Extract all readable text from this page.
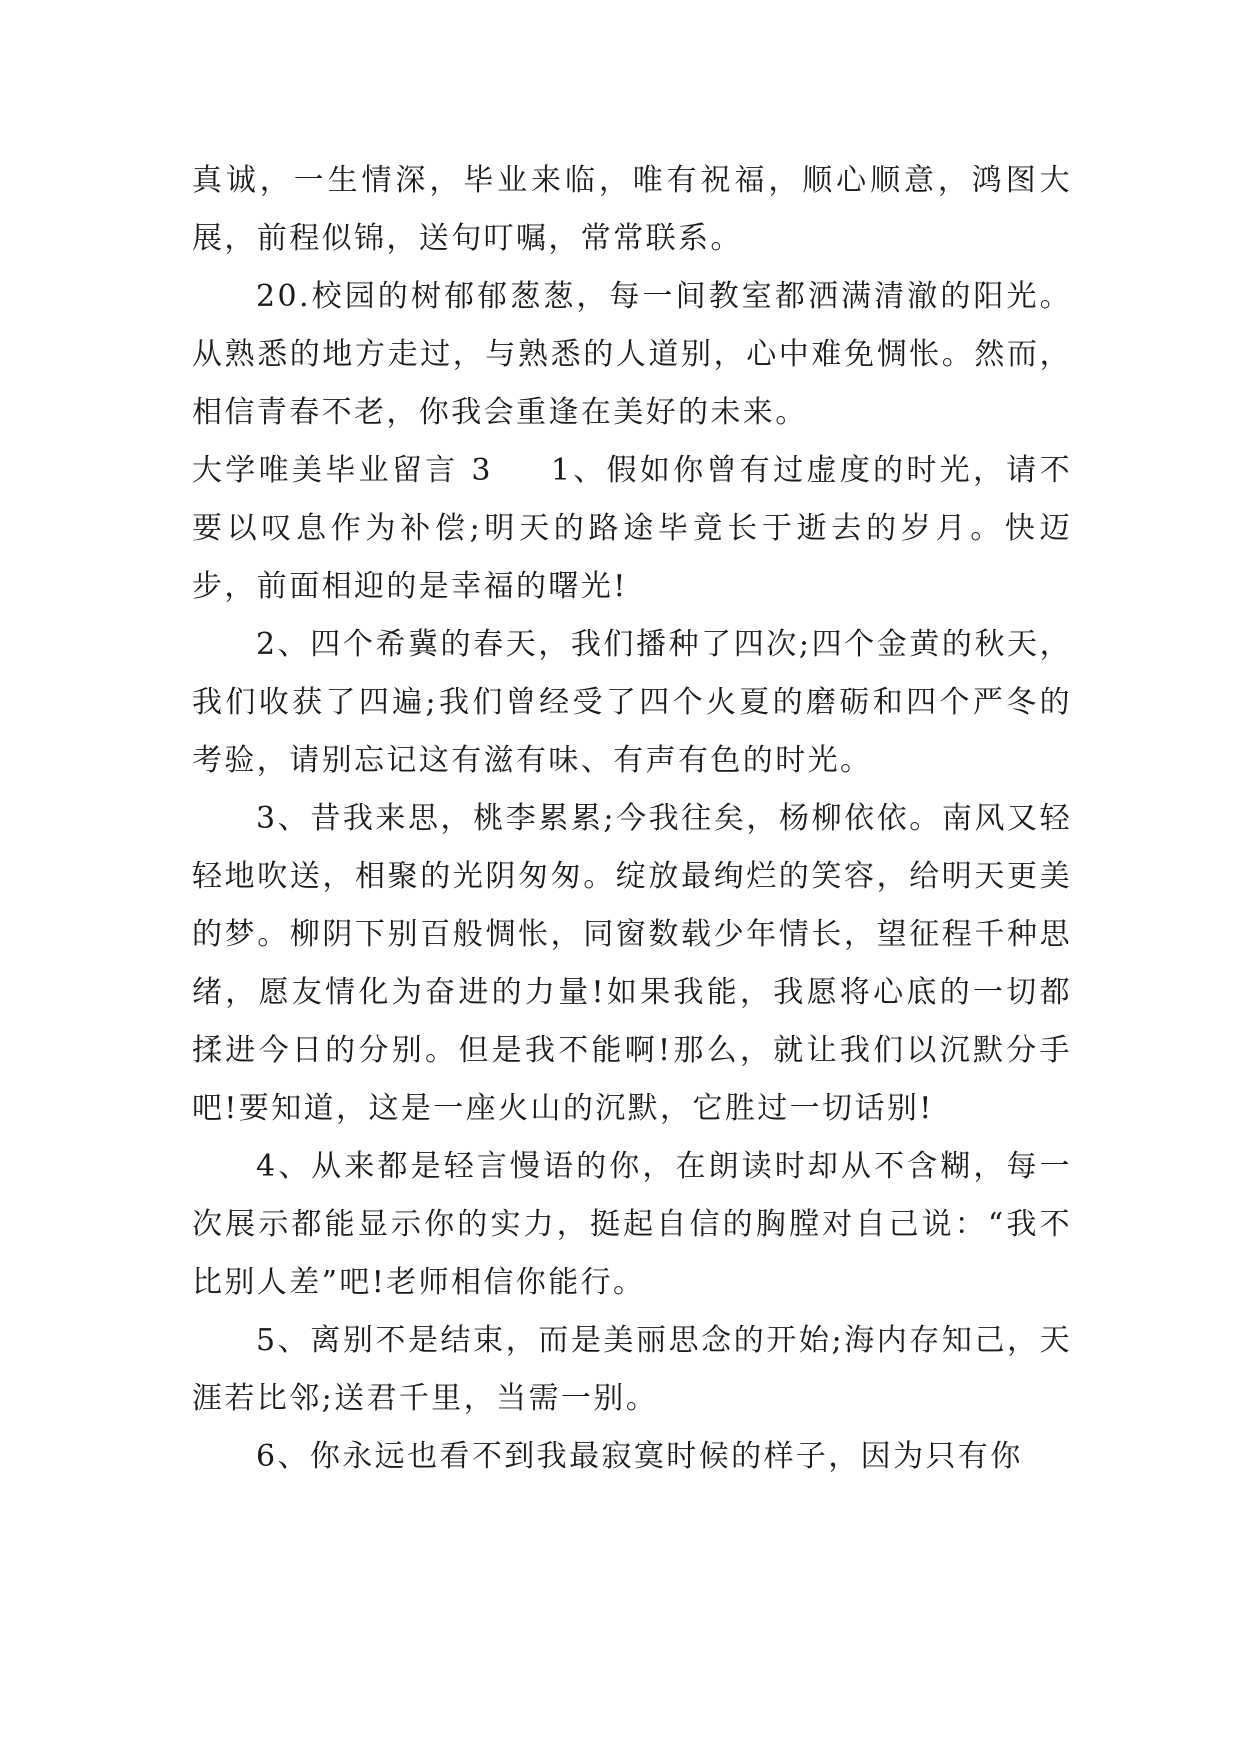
真诚，一生情深，毕业来临，唯有祝福，顺心顺意，鸿图大展，前程似锦，送句叮嘱，常常联系。

20.校园的树郁郁葱葱，每一间教室都洒满清澈的阳光。从熟悉的地方走过，与熟悉的人道别，心中难免惆怅。然而，相信青春不老，你我会重逢在美好的未来。

大学唯美毕业留言 3 1、假如你曾有过虚度的时光，请不要以叹息作为补偿;明天的路途毕竟长于逝去的岁月。快迈步，前面相迎的是幸福的曙光!

2、四个希冀的春天，我们播种了四次;四个金黄的秋天，我们收获了四遍;我们曾经受了四个火夏的磨砺和四个严冬的考验，请别忘记这有滋有味、有声有色的时光。

3、昔我来思，桃李累累;今我往矣，杨柳依依。南风又轻轻地吹送，相聚的光阴匆匆。绽放最绚烂的笑容，给明天更美的梦。柳阴下别百般惆怅，同窗数载少年情长，望征程千种思绪，愿友情化为奋进的力量!如果我能，我愿将心底的一切都揉进今日的分别。但是我不能啊!那么，就让我们以沉默分手吧!要知道，这是一座火山的沉默，它胜过一切话别!

4、从来都是轻言慢语的你，在朗读时却从不含糊，每一次展示都能显示你的实力，挺起自信的胸膛对自己说：“我不比别人差”吧!老师相信你能行。

5、离别不是结束，而是美丽思念的开始;海内存知己，天涯若比邻;送君千里，当需一别。

6、你永远也看不到我最寂寞时候的样子，因为只有你
